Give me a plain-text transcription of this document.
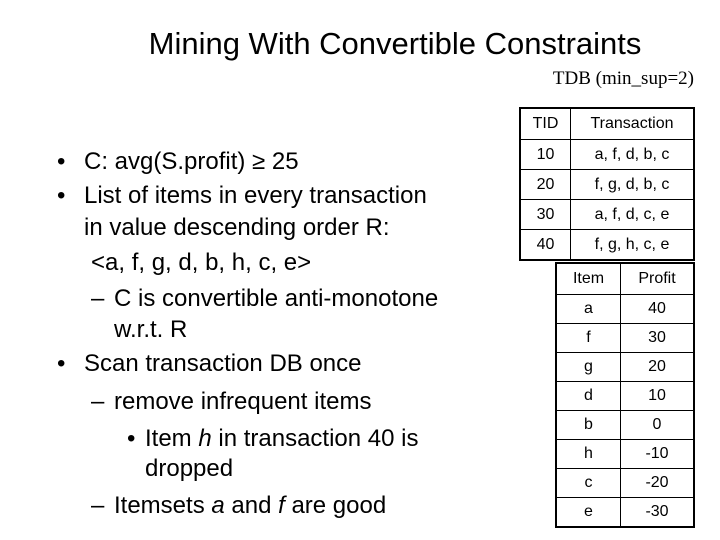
Mining With Convertible Constraints
TDB (min_sup=2)
• C: avg(S.profit) ≥ 25
• List of items in every transaction
in value descending order R:
<a, f, g, d, b, h, c, e>
– C is convertible anti-monotone
w.r.t. R
• Scan transaction DB once
– remove infrequent items
• Item h in transaction 40 is
dropped
– Itemsets a and f are good
TID	Transaction
10	a, f, d, b, c
20	f, g, d, b, c
30	a, f, d, c, e
40	f, g, h, c, e
Item	Profit
a	40
f	30
g	20
d	10
b	0
h	-10
c	-20
e	-30
